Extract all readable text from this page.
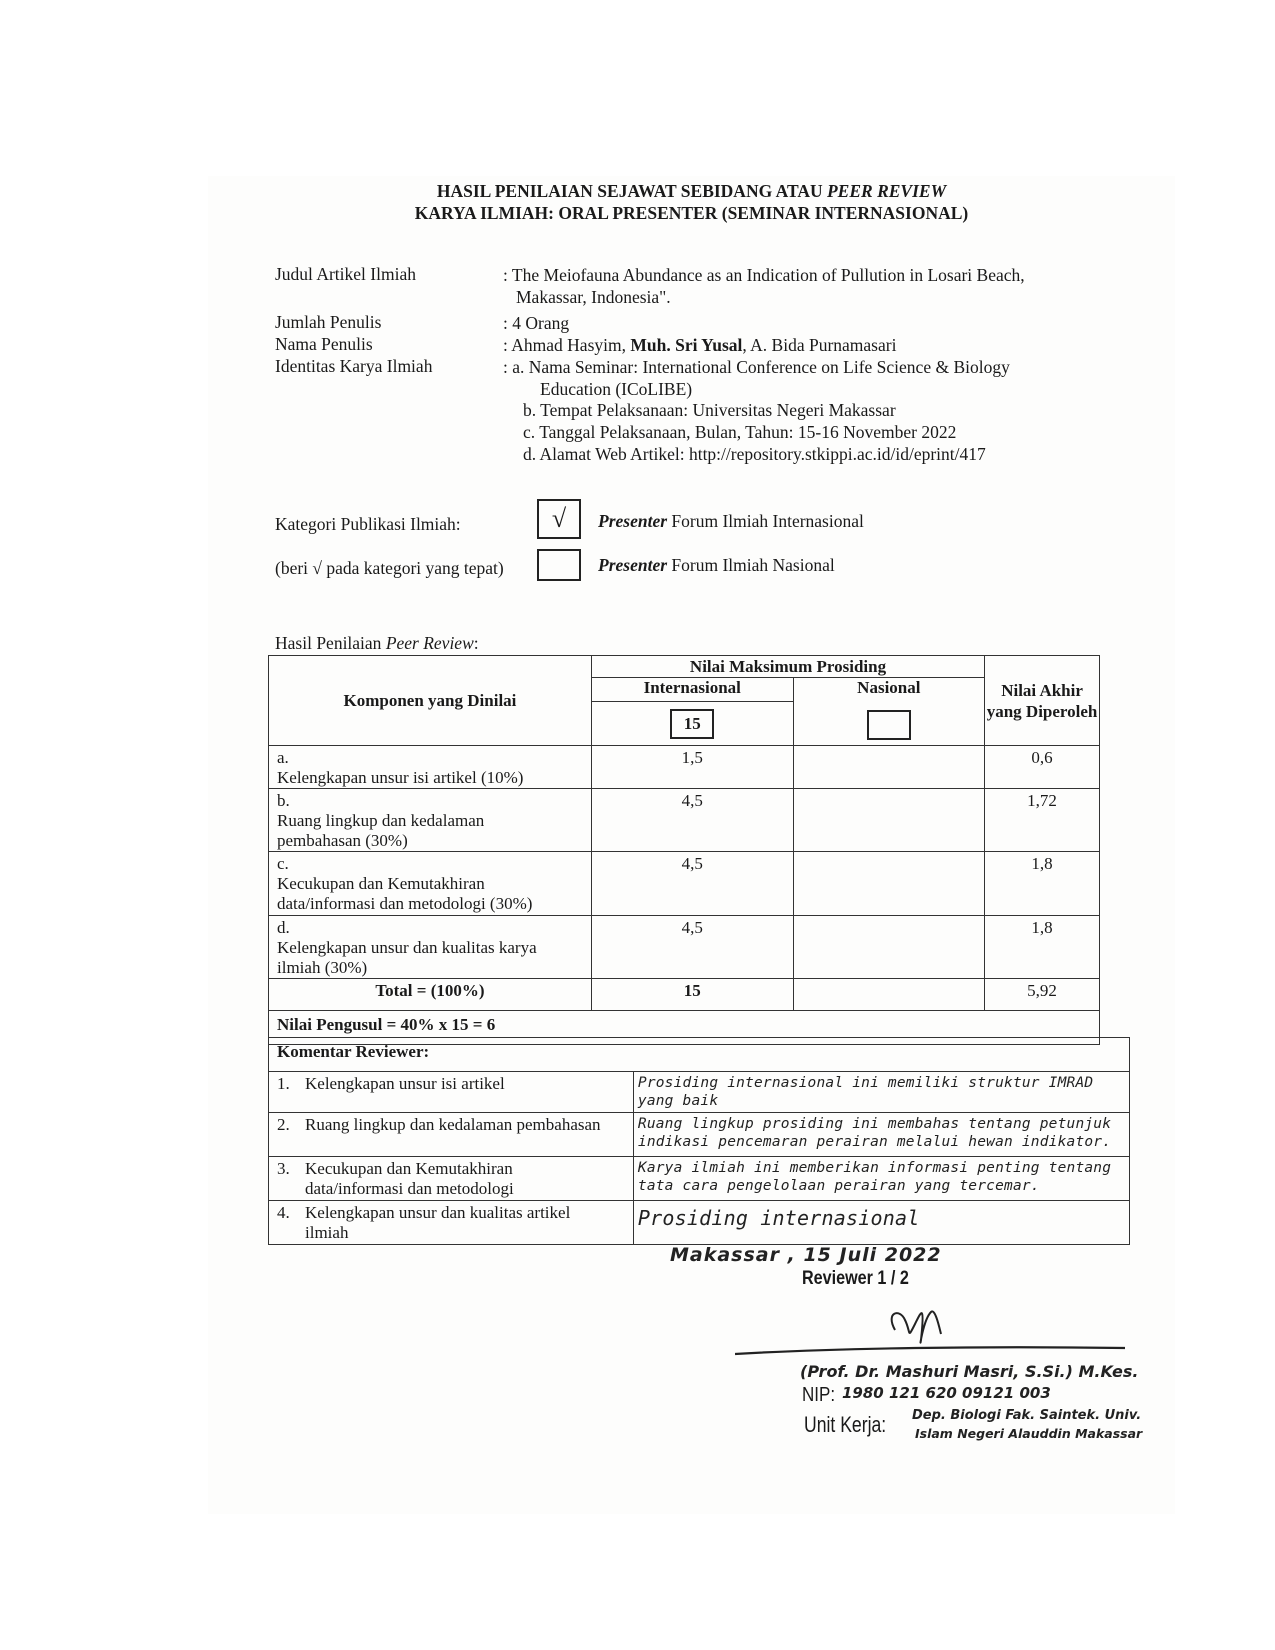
HASIL PENILAIAN SEJAWAT SEBIDANG ATAU PEER REVIEW
KARYA ILMIAH: ORAL PRESENTER (SEMINAR INTERNASIONAL)
Judul Artikel Ilmiah	: The Meiofauna Abundance as an Indication of Pullution in Losari Beach,
Makassar, Indonesia".
Jumlah Penulis	: 4 Orang
Nama Penulis	: Ahmad Hasyim, Muh. Sri Yusal, A. Bida Purnamasari
Identitas Karya Ilmiah	: a. Nama Seminar: International Conference on Life Science & Biology
Education (ICoLIBE)
b. Tempat Pelaksanaan: Universitas Negeri Makassar
c. Tanggal Pelaksanaan, Bulan, Tahun: 15-16 November 2022
d. Alamat Web Artikel: http://repository.stkippi.ac.id/id/eprint/417
Kategori Publikasi Ilmiah:	√ Presenter Forum Ilmiah Internasional
(beri √ pada kategori yang tepat)	Presenter Forum Ilmiah Nasional
Hasil Penilaian Peer Review:
Komponen yang Dinilai	Nilai Maksimum Prosiding		Nilai Akhir yang Diperoleh
	Internasional	Nasional	

	15		
a.Kelengkapan unsur isi artikel (10%)	1,5		0,6
b.Ruang lingkup dan kedalaman pembahasan (30%)	4,5		1,72
c.Kecukupan dan Kemutakhiran data/informasi dan metodologi (30%)	4,5		1,8
d.Kelengkapan unsur dan kualitas karya ilmiah (30%)	4,5		1,8
Total = (100%)	15		5,92
Nilai Pengusul = 40% x 15 = 6			
Komentar Reviewer:	
1. Kelengkapan unsur isi artikel	Prosiding internasional ini memiliki struktur IMRAD yang baik
2. Ruang lingkup dan kedalaman pembahasan	Ruang lingkup prosiding ini membahas tentang petunjuk indikasi pencemaran perairan melalui hewan indikator.
3. Kecukupan dan Kemutakhiran data/informasi dan metodologi	Karya ilmiah ini memberikan informasi penting tentang tata cara pengelolaan perairan yang tercemar.
4. Kelengkapan unsur dan kualitas artikel ilmiah	Prosiding internasional
Makassar , 15 Juli 2022
Reviewer 1 / 2
(Prof. Dr. Mashuri Masri, S.Si.) M.Kes.
NIP: 1980 121 620 09121 003
Unit Kerja: Dep. Biologi Fak. Saintek. Univ.
Islam Negeri Alauddin Makassar
